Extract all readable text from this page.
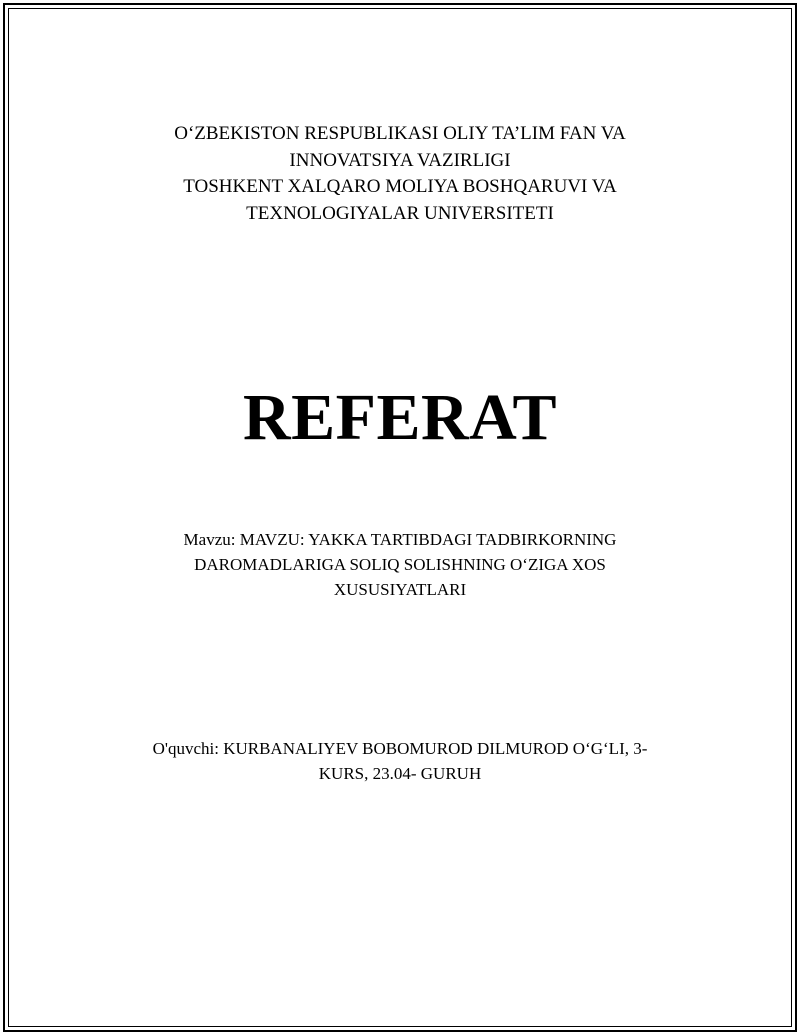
O‘ZBEKISTON RESPUBLIKASI OLIY TA’LIM FAN VA
INNOVATSIYA VAZIRLIGI
TOSHKENT XALQARO MOLIYA BOSHQARUVI VA
TEXNOLOGIYALAR UNIVERSITETI
REFERAT
Mavzu: MAVZU: YAKKA TARTIBDAGI TADBIRKORNING
DAROMADLARIGA SOLIQ SOLISHNING O‘ZIGA XOS
XUSUSIYATLARI
O'quvchi: KURBANALIYEV BOBOMUROD DILMUROD O‘G‘LI, 3-
KURS, 23.04- GURUH
